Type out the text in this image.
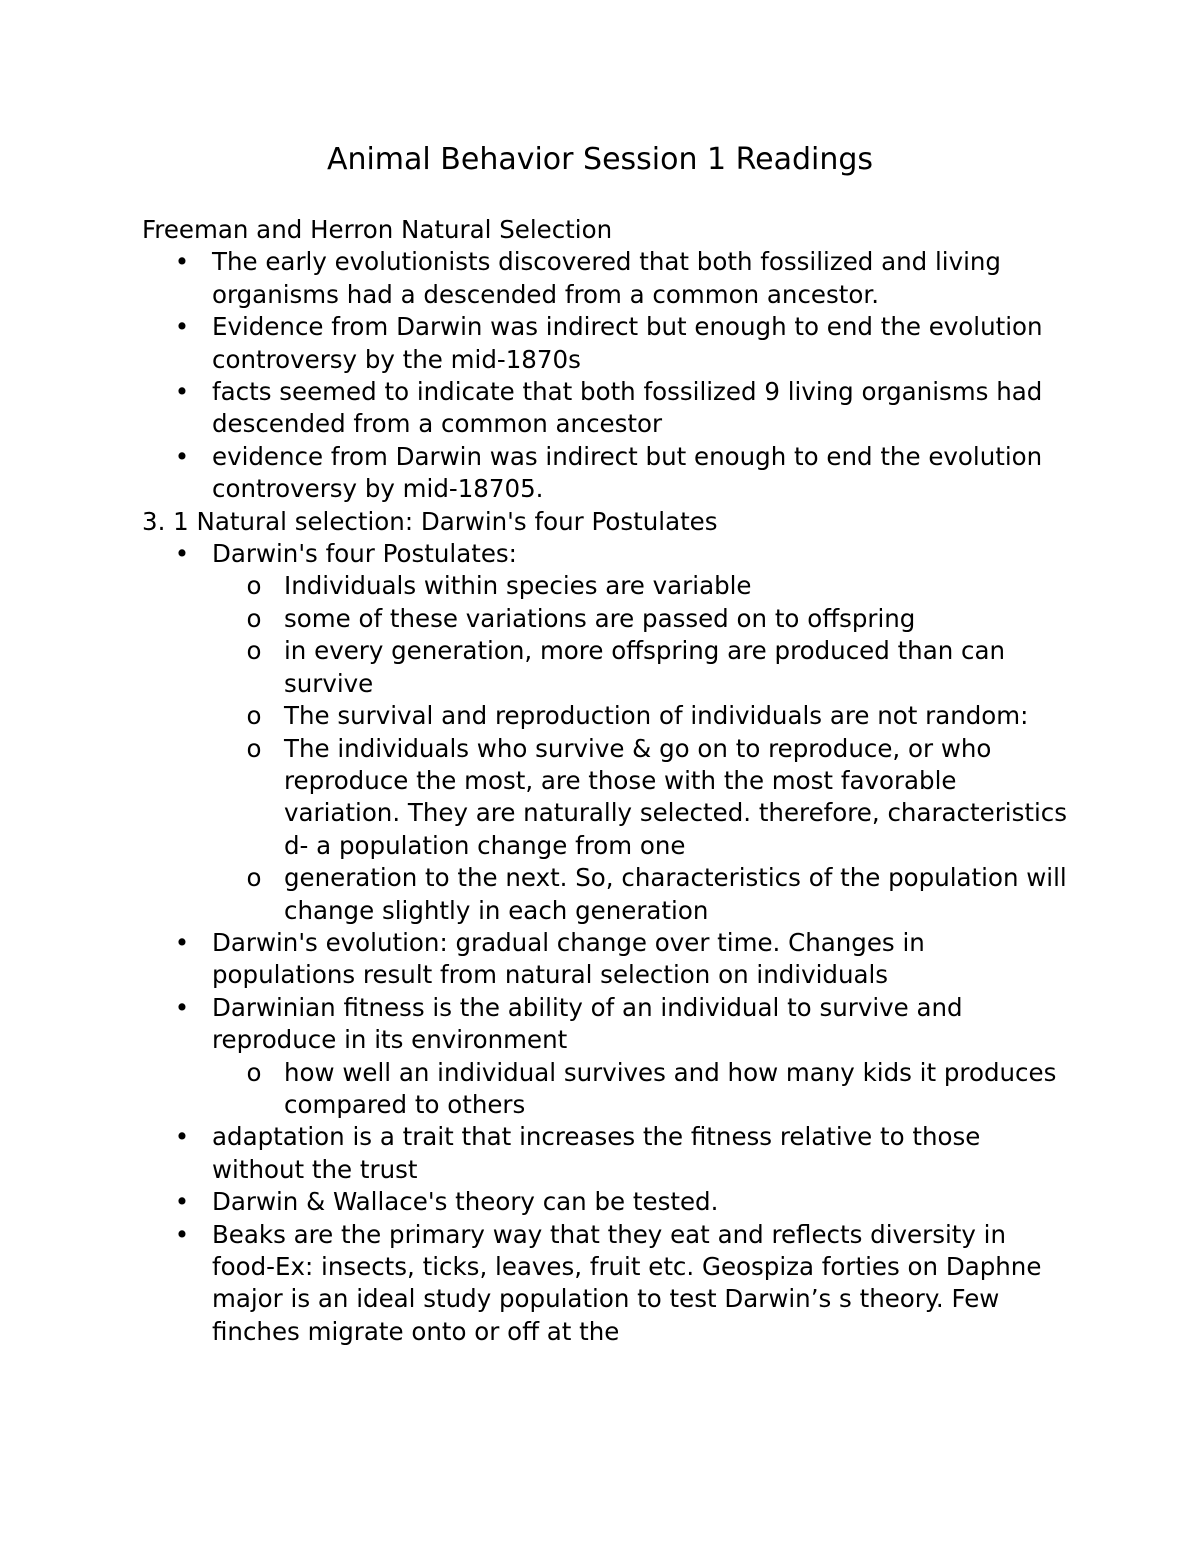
Animal Behavior Session 1 Readings

Freeman and Herron Natural Selection

• The early evolutionists discovered that both fossilized and living organisms had a descended from a common ancestor.
• Evidence from Darwin was indirect but enough to end the evolution controversy by the mid-1870s
• facts seemed to indicate that both fossilized 9 living organisms had descended from a common ancestor
• evidence from Darwin was indirect but enough to end the evolution controversy by mid-18705.

3. 1 Natural selection: Darwin's four Postulates

• Darwin's four Postulates:
o Individuals within species are variable
o some of these variations are passed on to offspring
o in every generation, more offspring are produced than can survive
o The survival and reproduction of individuals are not random:
o The individuals who survive & go on to reproduce, or who reproduce the most, are those with the most favorable variation. They are naturally selected. therefore, characteristics d- a population change from one
o generation to the next. So, characteristics of the population will change slightly in each generation
• Darwin's evolution: gradual change over time. Changes in populations result from natural selection on individuals
• Darwinian fitness is the ability of an individual to survive and reproduce in its environment
o how well an individual survives and how many kids it produces compared to others
• adaptation is a trait that increases the fitness relative to those without the trust
• Darwin & Wallace's theory can be tested.
• Beaks are the primary way that they eat and reflects diversity in food-Ex: insects, ticks, leaves, fruit etc. Geospiza forties on Daphne major is an ideal study population to test Darwin’s s theory. Few finches migrate onto or off at the
